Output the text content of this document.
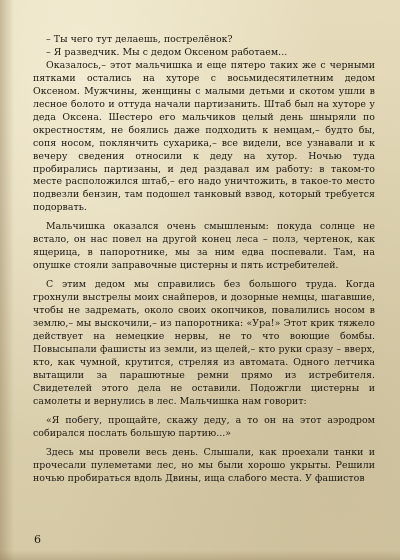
– Ты чего тут делаешь, пострелёнок?

– Я разведчик. Мы с дедом Оксеном работаем...

Оказалось,– этот мальчишка и еще пятеро таких же с черными пятками остались на хуторе с восьмидесятилетним дедом Оксеном. Мужчины, женщины с малыми детьми и скотом ушли в лесное болото и оттуда начали партизанить. Штаб был на хуторе у деда Оксена. Шестеро его мальчиков целый день шныряли по окрестностям, не боялись даже подходить к немцам,– будто бы, сопя носом, поклянчить сухарика,– все видели, все узнавали и к вечеру сведения относили к деду на хутор. Ночью туда пробирались партизаны, и дед раздавал им работу: в таком-то месте расположился штаб,– его надо уничтожить, в такое-то место подвезли бензин, там подошел танковый взвод, который требуется подорвать.

Мальчишка оказался очень смышленым: покуда солнце не встало, он нас повел на другой конец леса – полз, чертенок, как ящерица, в папоротнике, мы за ним едва поспевали. Там, на опушке стояли заправочные цистерны и пять истребителей.

С этим дедом мы справились без большого труда. Когда грохнули выстрелы моих снайперов, и дозорные немцы, шагавшие, чтобы не задремать, около своих окопчиков, повалились носом в землю,– мы выскочили,– из папоротника: «Ура!» Этот крик тяжело действует на немецкие нервы, не то что воющие бомбы. Повысыпали фашисты из земли, из щелей,– кто руки сразу – вверх, кто, как чумной, крутится, стреляя из автомата. Одного летчика вытащили за парашютные ремни прямо из истребителя. Свидетелей этого дела не оставили. Подожгли цистерны и самолеты и вернулись в лес. Мальчишка нам говорит:

«Я побегу, прощайте, скажу деду, а то он на этот аэродром собирался послать большую партию...»

Здесь мы провели весь день. Слышали, как проехали танки и прочесали пулеметами лес, но мы были хорошо укрыты. Решили ночью пробираться вдоль Двины, ища слабого места. У фашистов

6
